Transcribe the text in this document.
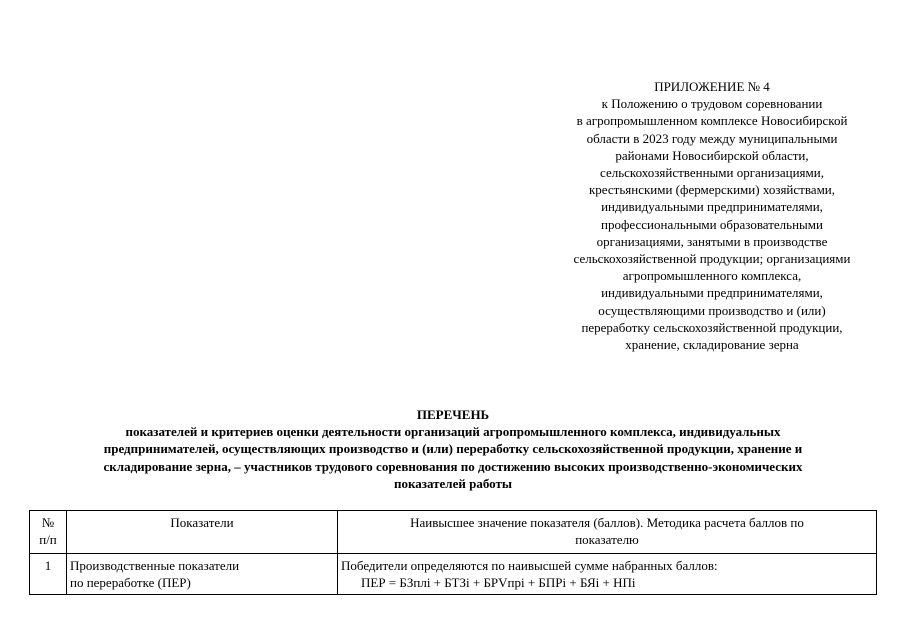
ПРИЛОЖЕНИЕ № 4
к Положению о трудовом соревновании
в агропромышленном комплексе Новосибирской
области в 2023 году между муниципальными
районами Новосибирской области,
сельскохозяйственными организациями,
крестьянскими (фермерскими) хозяйствами,
индивидуальными предпринимателями,
профессиональными образовательными
организациями, занятыми в производстве
сельскохозяйственной продукции; организациями
агропромышленного комплекса,
индивидуальными предпринимателями,
осуществляющими производство и (или)
переработку сельскохозяйственной продукции,
хранение, складирование зерна
ПЕРЕЧЕНЬ
показателей и критериев оценки деятельности организаций агропромышленного комплекса, индивидуальных
предпринимателей, осуществляющих производство и (или) переработку сельскохозяйственной продукции, хранение и
складирование зерна, – участников трудового соревнования по достижению высоких производственно-экономических
показателей работы
№
п/п	Показатели	Наивысшее значение показателя (баллов). Методика расчета баллов по
показателю

1	Производственные показатели
по переработке (ПЕР)	Победители определяются по наивысшей сумме набранных баллов:
ПЕР = БЗплi + БТЗi + БРVпрi + БПРi + БЯi + НПi
